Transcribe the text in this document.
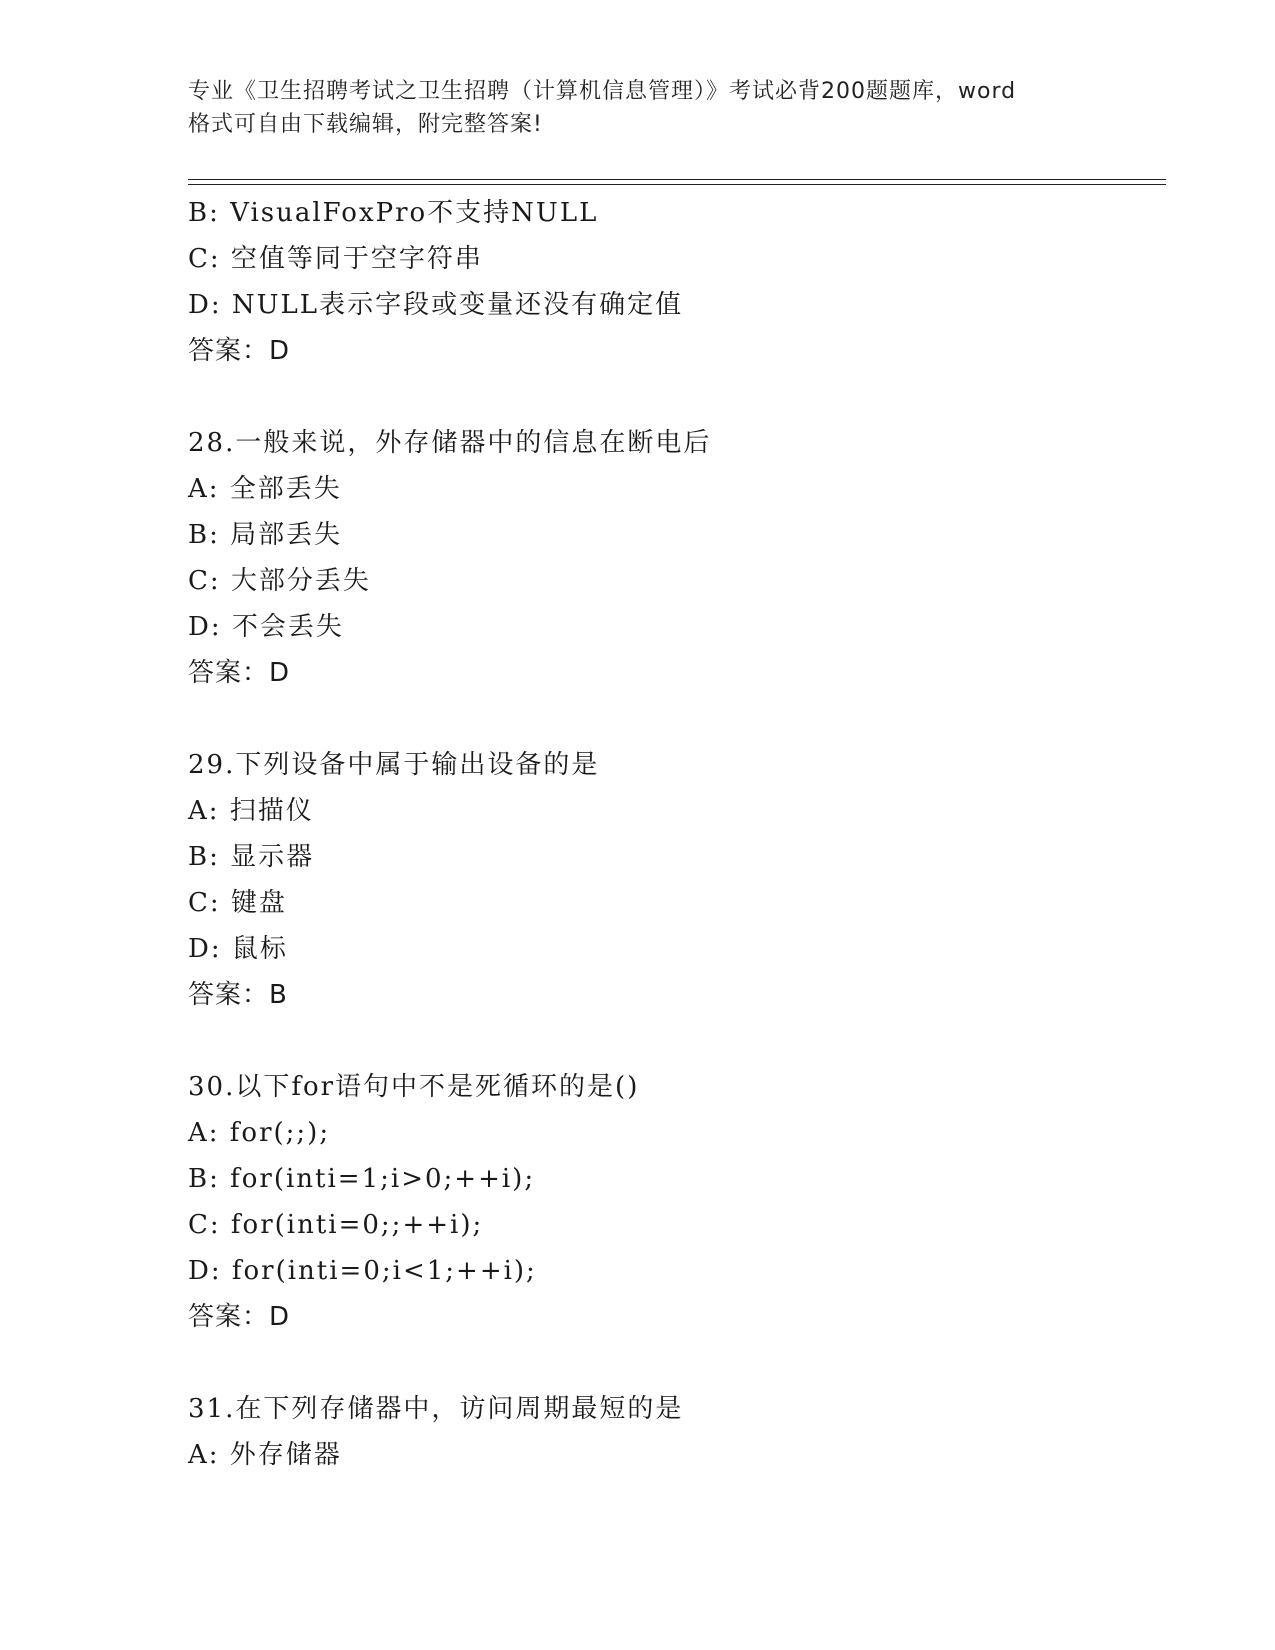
专业《卫生招聘考试之卫生招聘（计算机信息管理）》考试必背200题题库，word
格式可自由下载编辑，附完整答案!
B: VisualFoxPro不支持NULL
C: 空值等同于空字符串
D: NULL表示字段或变量还没有确定值
答案：D
28.一般来说，外存储器中的信息在断电后
A: 全部丢失
B: 局部丢失
C: 大部分丢失
D: 不会丢失
答案：D
29.下列设备中属于输出设备的是
A: 扫描仪
B: 显示器
C: 键盘
D: 鼠标
答案：B
30.以下for语句中不是死循环的是()
A: for(;;);
B: for(inti=1;i>0;++i);
C: for(inti=0;;++i);
D: for(inti=0;i<1;++i);
答案：D
31.在下列存储器中，访问周期最短的是
A: 外存储器
